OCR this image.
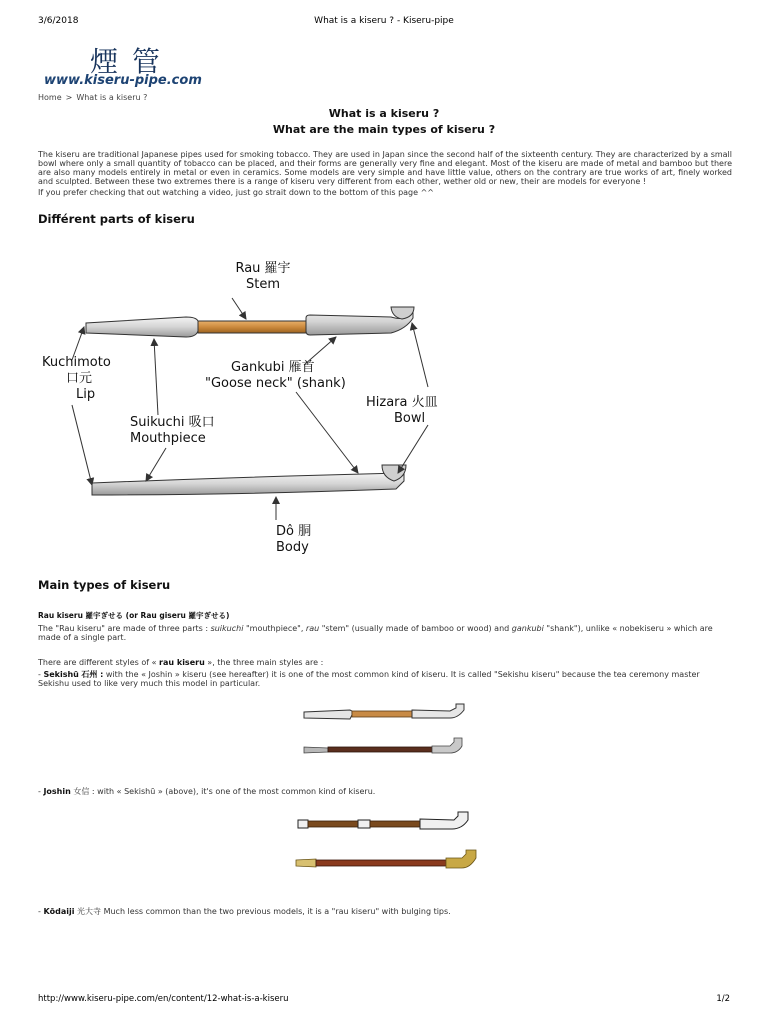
3/6/2018	What is a kiseru ? - Kiseru-pipe
煙管
www.kiseru-pipe.com
Home > What is a kiseru ?
What is a kiseru ?
What are the main types of kiseru ?

The kiseru are traditional Japanese pipes used for smoking tobacco. They are used in Japan since the second half of the sixteenth century. They are characterized by a small bowl where only a small quantity of tobacco can be placed, and their forms are generally very fine and elegant. Most of the kiseru are made of metal and bamboo but there are also many models entirely in metal or even in ceramics. Some models are very simple and have little value, others on the contrary are true works of art, finely worked and sculpted. Between these two extremes there is a range of kiseru very different from each other, wether old or new, their are models for everyone !

If you prefer checking that out watching a video, just go strait down to the bottom of this page ^^

Différent parts of kiseru
Rau 羅宇
Stem
Kuchimoto
口元
Lip
Gankubi 雁首
"Goose neck" (shank)
Hizara 火皿
Bowl
Suikuchi 吸口
Mouthpiece
Dô 胴
Body
Main types of kiseru
Rau kiseru 羅宇ぎせる (or Rau giseru 羅宇ぎせる)

The "Rau kiseru" are made of three parts : suikuchi "mouthpiece", rau "stem" (usually made of bamboo or wood) and gankubi "shank"), unlike « nobekiseru » which are made of a single part.

There are different styles of « rau kiseru », the three main styles are :

- Sekishū 石州 : with the « Joshin » kiseru (see hereafter) it is one of the most common kind of kiseru. It is called "Sekishu kiseru" because the tea ceremony master Sekishu used to like very much this model in particular.

- Joshin 女信 : with « Sekishū » (above), it's one of the most common kind of kiseru.

- Kōdaiji 光大寺 Much less common than the two previous models, it is a "rau kiseru" with bulging tips.

http://www.kiseru-pipe.com/en/content/12-what-is-a-kiseru	1/2
